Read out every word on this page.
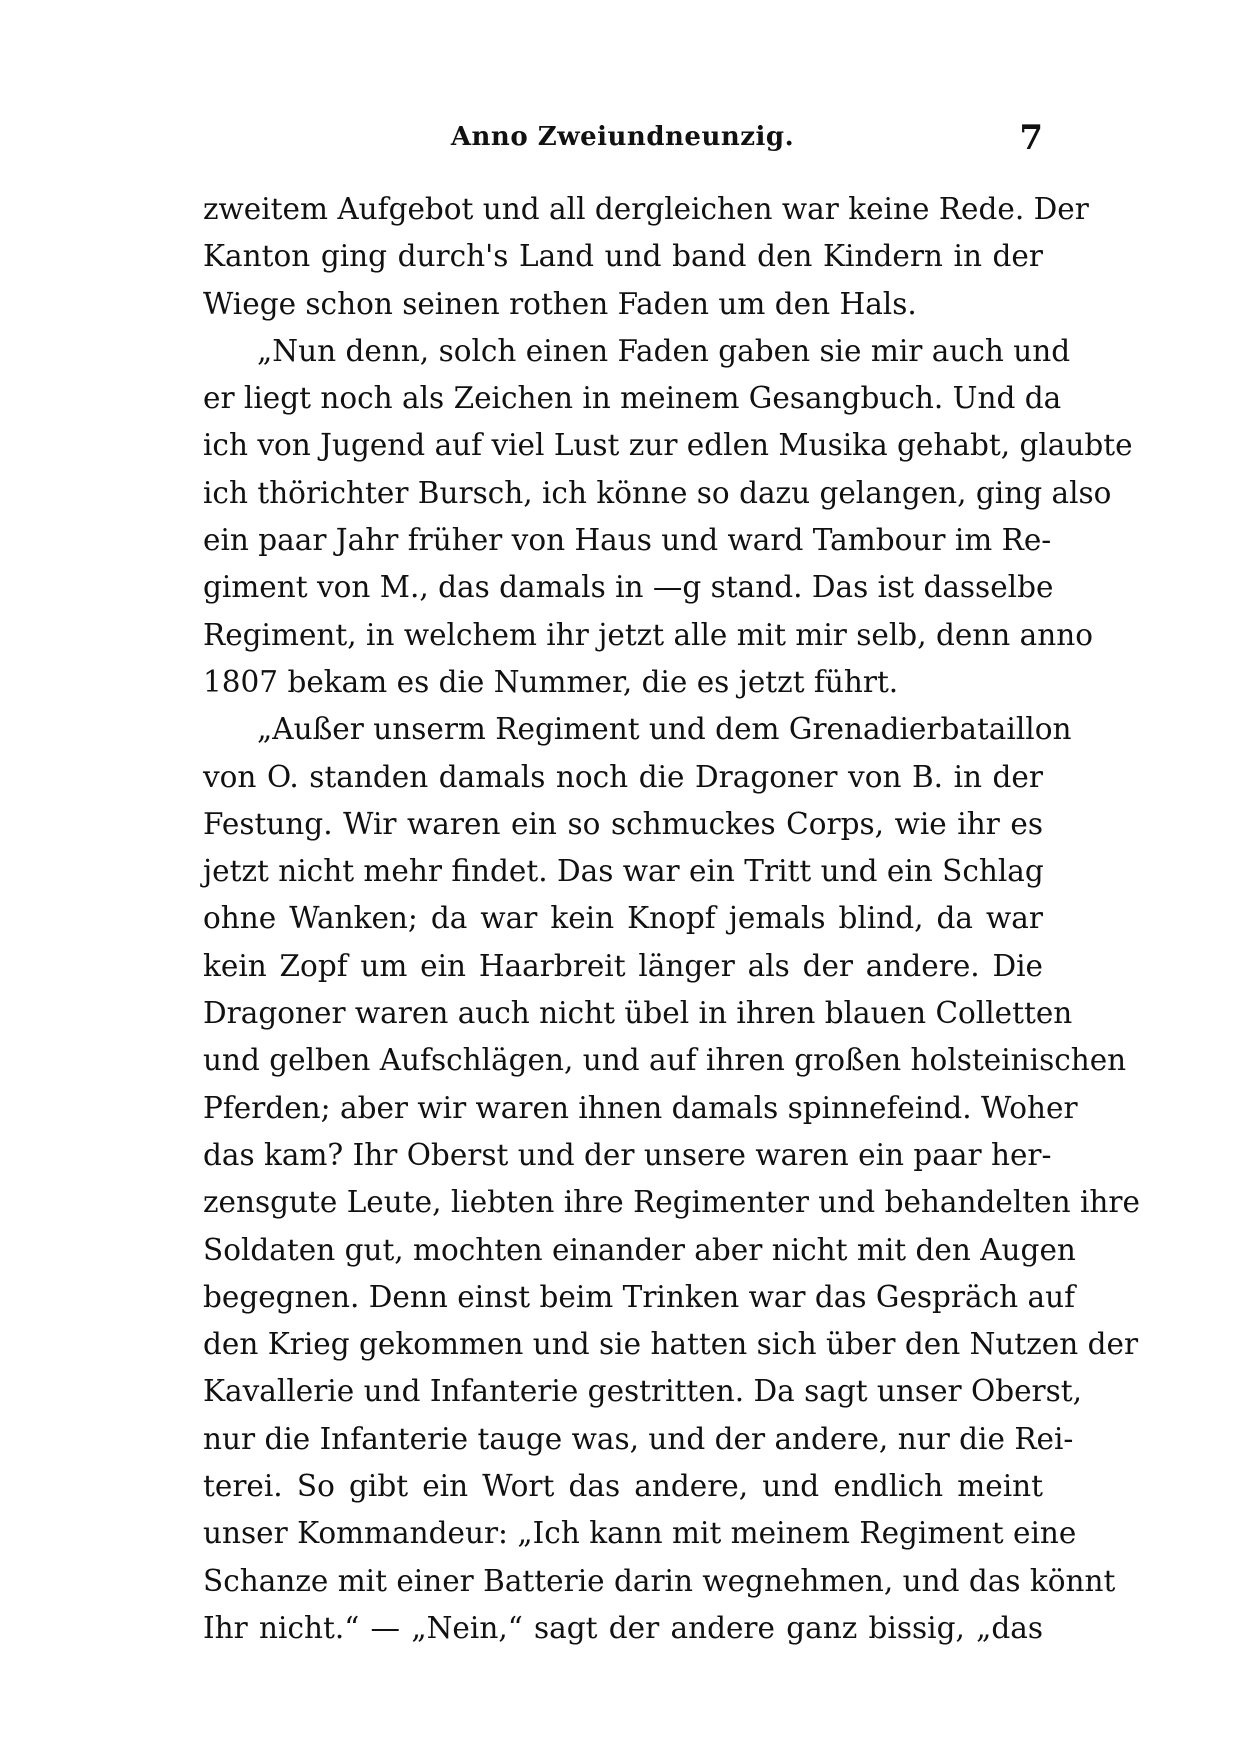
Anno Zweiundneunzig.	7
zweitem Aufgebot und all dergleichen war keine Rede. Der
Kanton ging durch's Land und band den Kindern in der
Wiege schon seinen rothen Faden um den Hals.
„Nun denn, solch einen Faden gaben sie mir auch und
er liegt noch als Zeichen in meinem Gesangbuch. Und da
ich von Jugend auf viel Lust zur edlen Musika gehabt, glaubte
ich thörichter Bursch, ich könne so dazu gelangen, ging also
ein paar Jahr früher von Haus und ward Tambour im Re-
giment von M., das damals in —g stand. Das ist dasselbe
Regiment, in welchem ihr jetzt alle mit mir selb, denn anno
1807 bekam es die Nummer, die es jetzt führt.
„Außer unserm Regiment und dem Grenadierbataillon
von O. standen damals noch die Dragoner von B. in der
Festung. Wir waren ein so schmuckes Corps, wie ihr es
jetzt nicht mehr findet. Das war ein Tritt und ein Schlag
ohne Wanken; da war kein Knopf jemals blind, da war
kein Zopf um ein Haarbreit länger als der andere. Die
Dragoner waren auch nicht übel in ihren blauen Colletten
und gelben Aufschlägen, und auf ihren großen holsteinischen
Pferden; aber wir waren ihnen damals spinnefeind. Woher
das kam? Ihr Oberst und der unsere waren ein paar her-
zensgute Leute, liebten ihre Regimenter und behandelten ihre
Soldaten gut, mochten einander aber nicht mit den Augen
begegnen. Denn einst beim Trinken war das Gespräch auf
den Krieg gekommen und sie hatten sich über den Nutzen der
Kavallerie und Infanterie gestritten. Da sagt unser Oberst,
nur die Infanterie tauge was, und der andere, nur die Rei-
terei. So gibt ein Wort das andere, und endlich meint
unser Kommandeur: „Ich kann mit meinem Regiment eine
Schanze mit einer Batterie darin wegnehmen, und das könnt
Ihr nicht.“ — „Nein,“ sagt der andere ganz bissig, „das
